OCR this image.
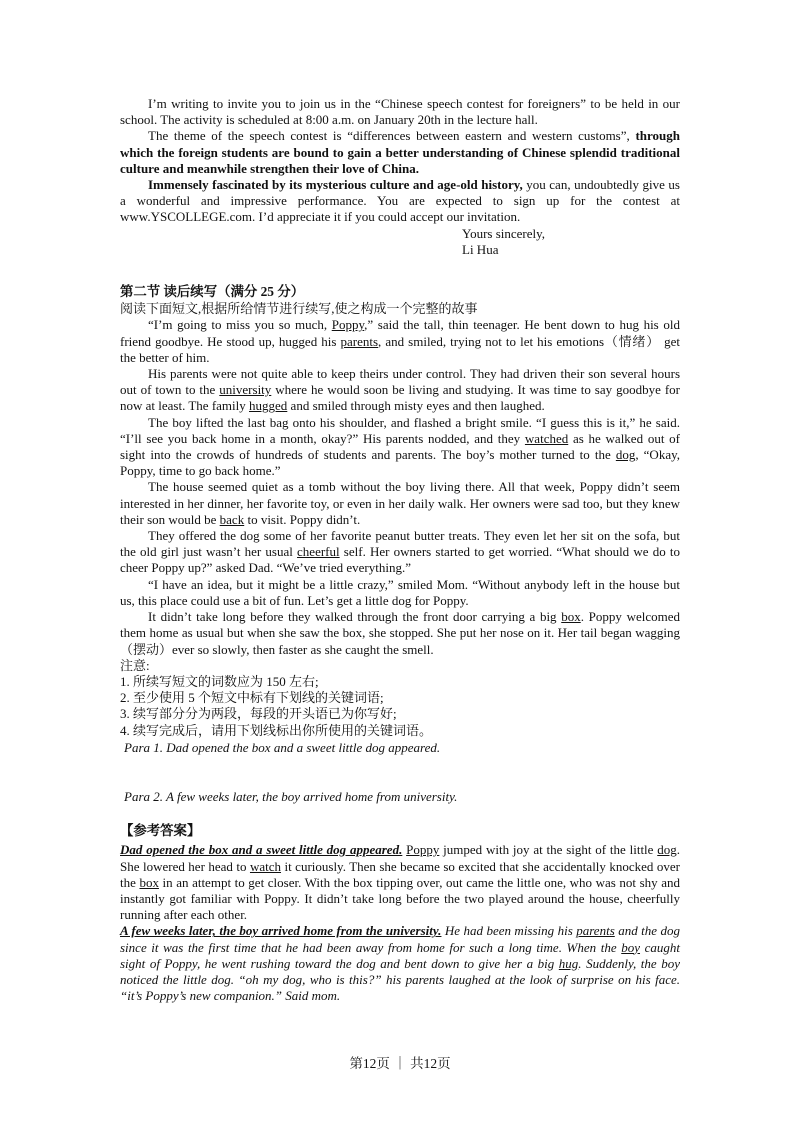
I’m writing to invite you to join us in the “Chinese speech contest for foreigners” to be held in our school. The activity is scheduled at 8:00 a.m. on January 20th in the lecture hall.

The theme of the speech contest is “differences between eastern and western customs”, through which the foreign students are bound to gain a better understanding of Chinese splendid traditional culture and meanwhile strengthen their love of China.

Immensely fascinated by its mysterious culture and age-old history, you can, undoubtedly give us a wonderful and impressive performance. You are expected to sign up for the contest at www.YSCOLLEGE.com. I’d appreciate it if you could accept our invitation.

Yours sincerely,

Li Hua

第二节 读后续写（满分 25 分）

阅读下面短文,根据所给情节进行续写,使之构成一个完整的故事

“I’m going to miss you so much, Poppy,” said the tall, thin teenager. He bent down to hug his old friend goodbye. He stood up, hugged his parents, and smiled, trying not to let his emotions（情绪） get the better of him.

His parents were not quite able to keep theirs under control. They had driven their son several hours out of town to the university where he would soon be living and studying. It was time to say goodbye for now at least. The family hugged and smiled through misty eyes and then laughed.

The boy lifted the last bag onto his shoulder, and flashed a bright smile. “I guess this is it,” he said. “I’ll see you back home in a month, okay?” His parents nodded, and they watched as he walked out of sight into the crowds of hundreds of students and parents. The boy’s mother turned to the dog, “Okay, Poppy, time to go back home.”

The house seemed quiet as a tomb without the boy living there. All that week, Poppy didn’t seem interested in her dinner, her favorite toy, or even in her daily walk. Her owners were sad too, but they knew their son would be back to visit. Poppy didn’t.

They offered the dog some of her favorite peanut butter treats. They even let her sit on the sofa, but the old girl just wasn’t her usual cheerful self. Her owners started to get worried. “What should we do to cheer Poppy up?” asked Dad. “We’ve tried everything.”

“I have an idea, but it might be a little crazy,” smiled Mom. “Without anybody left in the house but us, this place could use a bit of fun. Let’s get a little dog for Poppy.

It didn’t take long before they walked through the front door carrying a big box. Poppy welcomed them home as usual but when she saw the box, she stopped. She put her nose on it. Her tail began wagging（摆动）ever so slowly, then faster as she caught the smell.

注意:

1. 所续写短文的词数应为 150 左右;

2. 至少使用 5 个短文中标有下划线的关键词语;

3. 续写部分分为两段，每段的开头语已为你写好;

4. 续写完成后，请用下划线标出你所使用的关键词语。

Para 1. Dad opened the box and a sweet little dog appeared.

Para 2. A few weeks later, the boy arrived home from university.

【参考答案】

Dad opened the box and a sweet little dog appeared. Poppy jumped with joy at the sight of the little dog. She lowered her head to watch it curiously. Then she became so excited that she accidentally knocked over the box in an attempt to get closer. With the box tipping over, out came the little one, who was not shy and instantly got familiar with Poppy. It didn’t take long before the two played around the house, cheerfully running after each other.

A few weeks later, the boy arrived home from the university. He had been missing his parents and the dog since it was the first time that he had been away from home for such a long time. When the boy caught sight of Poppy, he went rushing toward the dog and bent down to give her a big hug. Suddenly, the boy noticed the little dog. “oh my dog, who is this?” his parents laughed at the look of surprise on his face. “it’s Poppy’s new companion.” Said mom.

第12页 ｜ 共12页
